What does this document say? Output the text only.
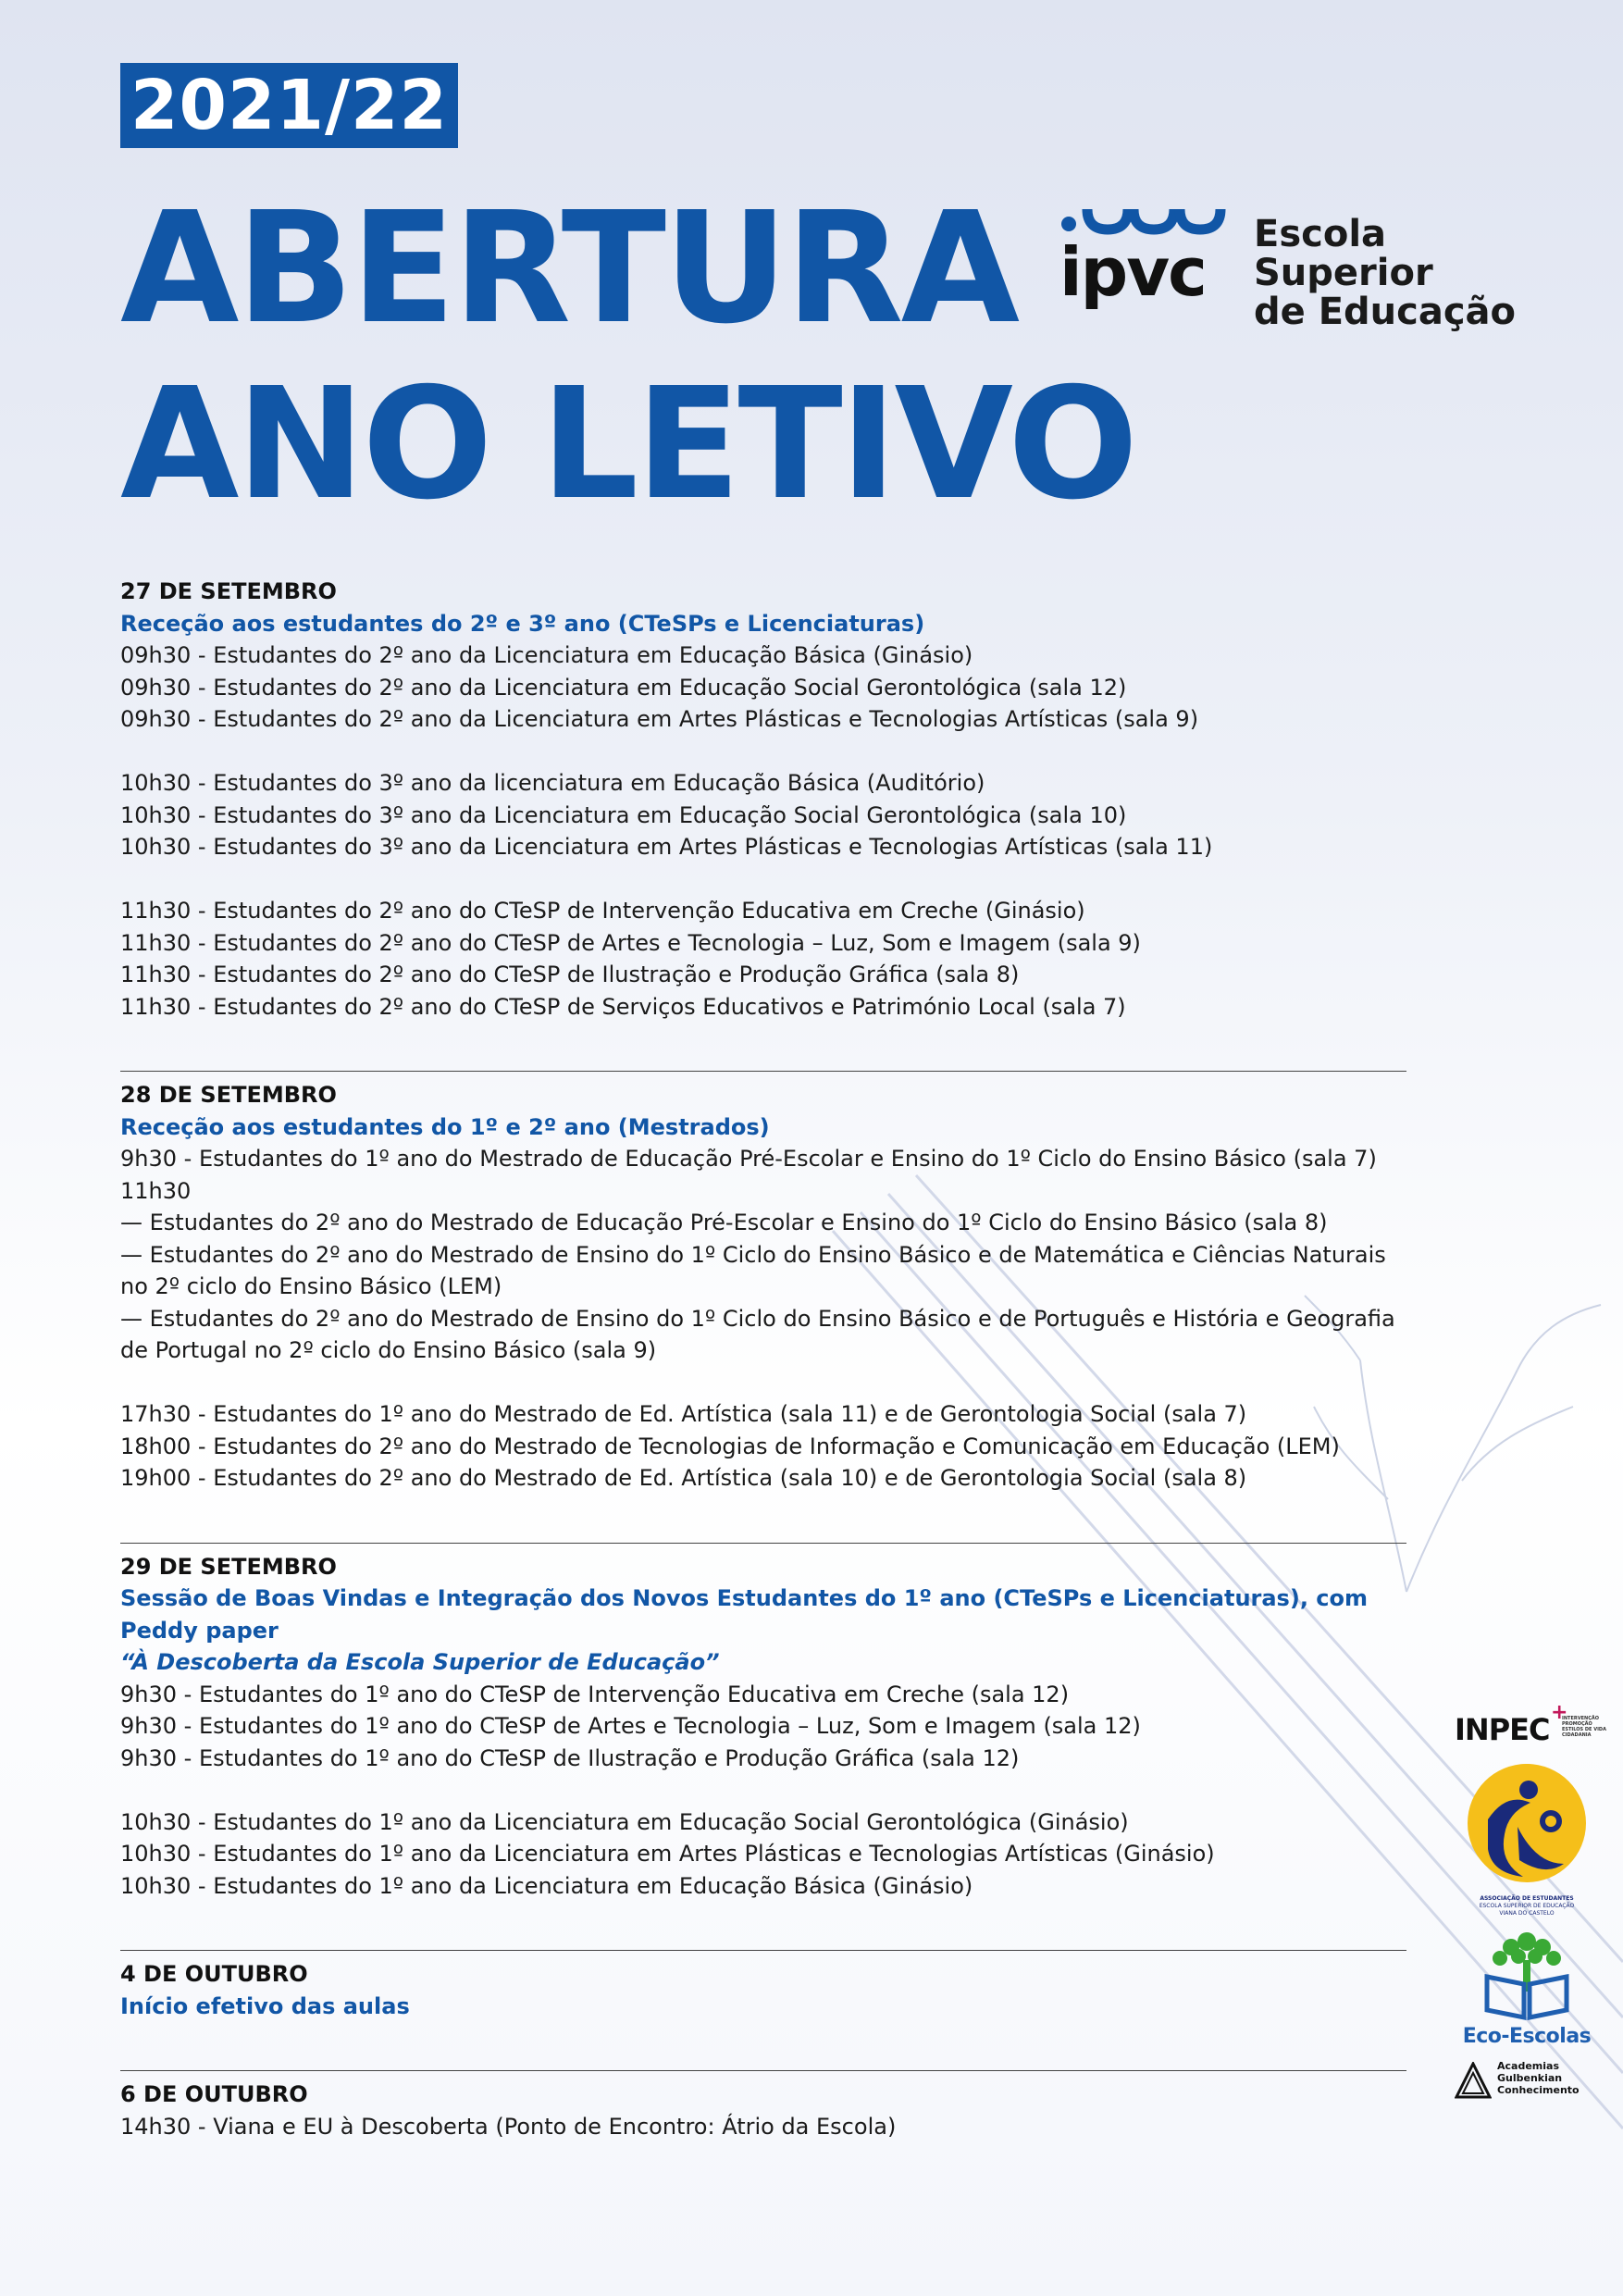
2021/22
ABERTURA
ANO LETIVO
ipvc Escola Superior
de Educação

27 DE SETEMBRO

Receção aos estudantes do 2º e 3º ano (CTeSPs e Licenciaturas)

09h30 - Estudantes do 2º ano da Licenciatura em Educação Básica (Ginásio)

09h30 - Estudantes do 2º ano da Licenciatura em Educação Social Gerontológica (sala 12)

09h30 - Estudantes do 2º ano da Licenciatura em Artes Plásticas e Tecnologias Artísticas (sala 9)

10h30 - Estudantes do 3º ano da licenciatura em Educação Básica (Auditório)

10h30 - Estudantes do 3º ano da Licenciatura em Educação Social Gerontológica (sala 10)

10h30 - Estudantes do 3º ano da Licenciatura em Artes Plásticas e Tecnologias Artísticas (sala 11)

11h30 - Estudantes do 2º ano do CTeSP de Intervenção Educativa em Creche (Ginásio)

11h30 - Estudantes do 2º ano do CTeSP de Artes e Tecnologia – Luz, Som e Imagem (sala 9)

11h30 - Estudantes do 2º ano do CTeSP de Ilustração e Produção Gráfica (sala 8)

11h30 - Estudantes do 2º ano do CTeSP de Serviços Educativos e Património Local (sala 7)

28 DE SETEMBRO

Receção aos estudantes do 1º e 2º ano (Mestrados)

9h30 - Estudantes do 1º ano do Mestrado de Educação Pré-Escolar e Ensino do 1º Ciclo do Ensino Básico (sala 7)

11h30

— Estudantes do 2º ano do Mestrado de Educação Pré-Escolar e Ensino do 1º Ciclo do Ensino Básico (sala 8)

— Estudantes do 2º ano do Mestrado de Ensino do 1º Ciclo do Ensino Básico e de Matemática e Ciências Naturais no 2º ciclo do Ensino Básico (LEM)

— Estudantes do 2º ano do Mestrado de Ensino do 1º Ciclo do Ensino Básico e de Português e História e Geografia de Portugal no 2º ciclo do Ensino Básico (sala 9)

17h30 - Estudantes do 1º ano do Mestrado de Ed. Artística (sala 11) e de Gerontologia Social (sala 7)

18h00 - Estudantes do 2º ano do Mestrado de Tecnologias de Informação e Comunicação em Educação (LEM)

19h00 - Estudantes do 2º ano do Mestrado de Ed. Artística (sala 10) e de Gerontologia Social (sala 8)

29 DE SETEMBRO

Sessão de Boas Vindas e Integração dos Novos Estudantes do 1º ano (CTeSPs e Licenciaturas), com Peddy paper

“À Descoberta da Escola Superior de Educação”

9h30 - Estudantes do 1º ano do CTeSP de Intervenção Educativa em Creche (sala 12)

9h30 - Estudantes do 1º ano do CTeSP de Artes e Tecnologia – Luz, Som e Imagem (sala 12)

9h30 - Estudantes do 1º ano do CTeSP de Ilustração e Produção Gráfica (sala 12)

10h30 - Estudantes do 1º ano da Licenciatura em Educação Social Gerontológica (Ginásio)

10h30 - Estudantes do 1º ano da Licenciatura em Artes Plásticas e Tecnologias Artísticas (Ginásio)

10h30 - Estudantes do 1º ano da Licenciatura em Educação Básica (Ginásio)

4 DE OUTUBRO

Início efetivo das aulas

6 DE OUTUBRO

14h30 - Viana e EU à Descoberta (Ponto de Encontro: Átrio da Escola)

INPEC +
INTERVENÇÃO
PROMOÇÃO
ESTILOS DE VIDA
CIDADANIA
ASSOCIAÇÃO DE ESTUDANTES
ESCOLA SUPERIOR DE EDUCAÇÃO
VIANA DO CASTELO
Eco-Escolas
Academias
Gulbenkian
Conhecimento
